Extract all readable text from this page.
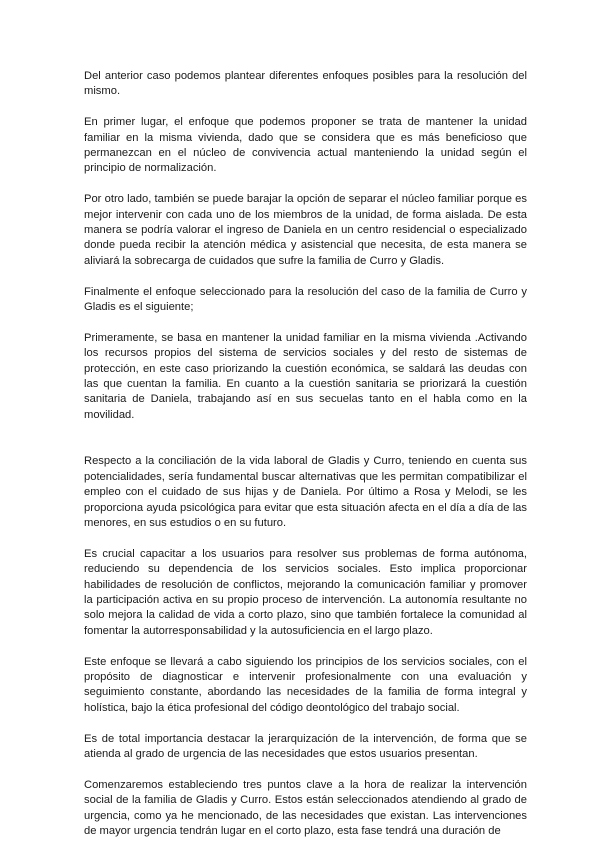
Del anterior caso podemos plantear diferentes enfoques posibles para la resolución del mismo.

En primer lugar, el enfoque que podemos proponer se trata de mantener la unidad familiar en la misma vivienda, dado que se considera que es más beneficioso que permanezcan en el núcleo de convivencia actual manteniendo la unidad según el principio de normalización.

Por otro lado, también se puede barajar la opción de separar el núcleo familiar porque es mejor intervenir con cada uno de los miembros de la unidad, de forma aislada. De esta manera se podría valorar el ingreso de Daniela en un centro residencial o especializado donde pueda recibir la atención médica y asistencial que necesita, de esta manera se aliviará la sobrecarga de cuidados que sufre la familia de Curro y Gladis.

Finalmente el enfoque seleccionado para la resolución del caso de la familia de Curro y Gladis es el siguiente;

Primeramente, se basa en mantener la unidad familiar en la misma vivienda .Activando los recursos propios del sistema de servicios sociales y del resto de sistemas de protección, en este caso priorizando la cuestión económica, se saldará las deudas con las que cuentan la familia. En cuanto a la cuestión sanitaria se priorizará la cuestión sanitaria de Daniela, trabajando así en sus secuelas tanto en el habla como en la movilidad.

Respecto a la conciliación de la vida laboral de Gladis y Curro, teniendo en cuenta sus potencialidades, sería fundamental buscar alternativas que les permitan compatibilizar el empleo con el cuidado de sus hijas y de Daniela. Por último a Rosa y Melodi, se les proporciona ayuda psicológica para evitar que esta situación afecta en el día a día de las menores, en sus estudios o en su futuro.

Es crucial capacitar a los usuarios para resolver sus problemas de forma autónoma, reduciendo su dependencia de los servicios sociales. Esto implica proporcionar habilidades de resolución de conflictos, mejorando la comunicación familiar y promover la participación activa en su propio proceso de intervención. La autonomía resultante no solo mejora la calidad de vida a corto plazo, sino que también fortalece la comunidad al fomentar la autorresponsabilidad y la autosuficiencia en el largo plazo.

Este enfoque se llevará a cabo siguiendo los principios de los servicios sociales, con el propósito de diagnosticar e intervenir profesionalmente con una evaluación y seguimiento constante, abordando las necesidades de la familia de forma integral y holística, bajo la ética profesional del código deontológico del trabajo social.

Es de total importancia destacar la jerarquización de la intervención, de forma que se atienda al grado de urgencia de las necesidades que estos usuarios presentan.

Comenzaremos estableciendo tres puntos clave a la hora de realizar la intervención social de la familia de Gladis y Curro. Estos están seleccionados atendiendo al grado de urgencia, como ya he mencionado, de las necesidades que existan. Las intervenciones de mayor urgencia tendrán lugar en el corto plazo, esta fase tendrá una duración de
